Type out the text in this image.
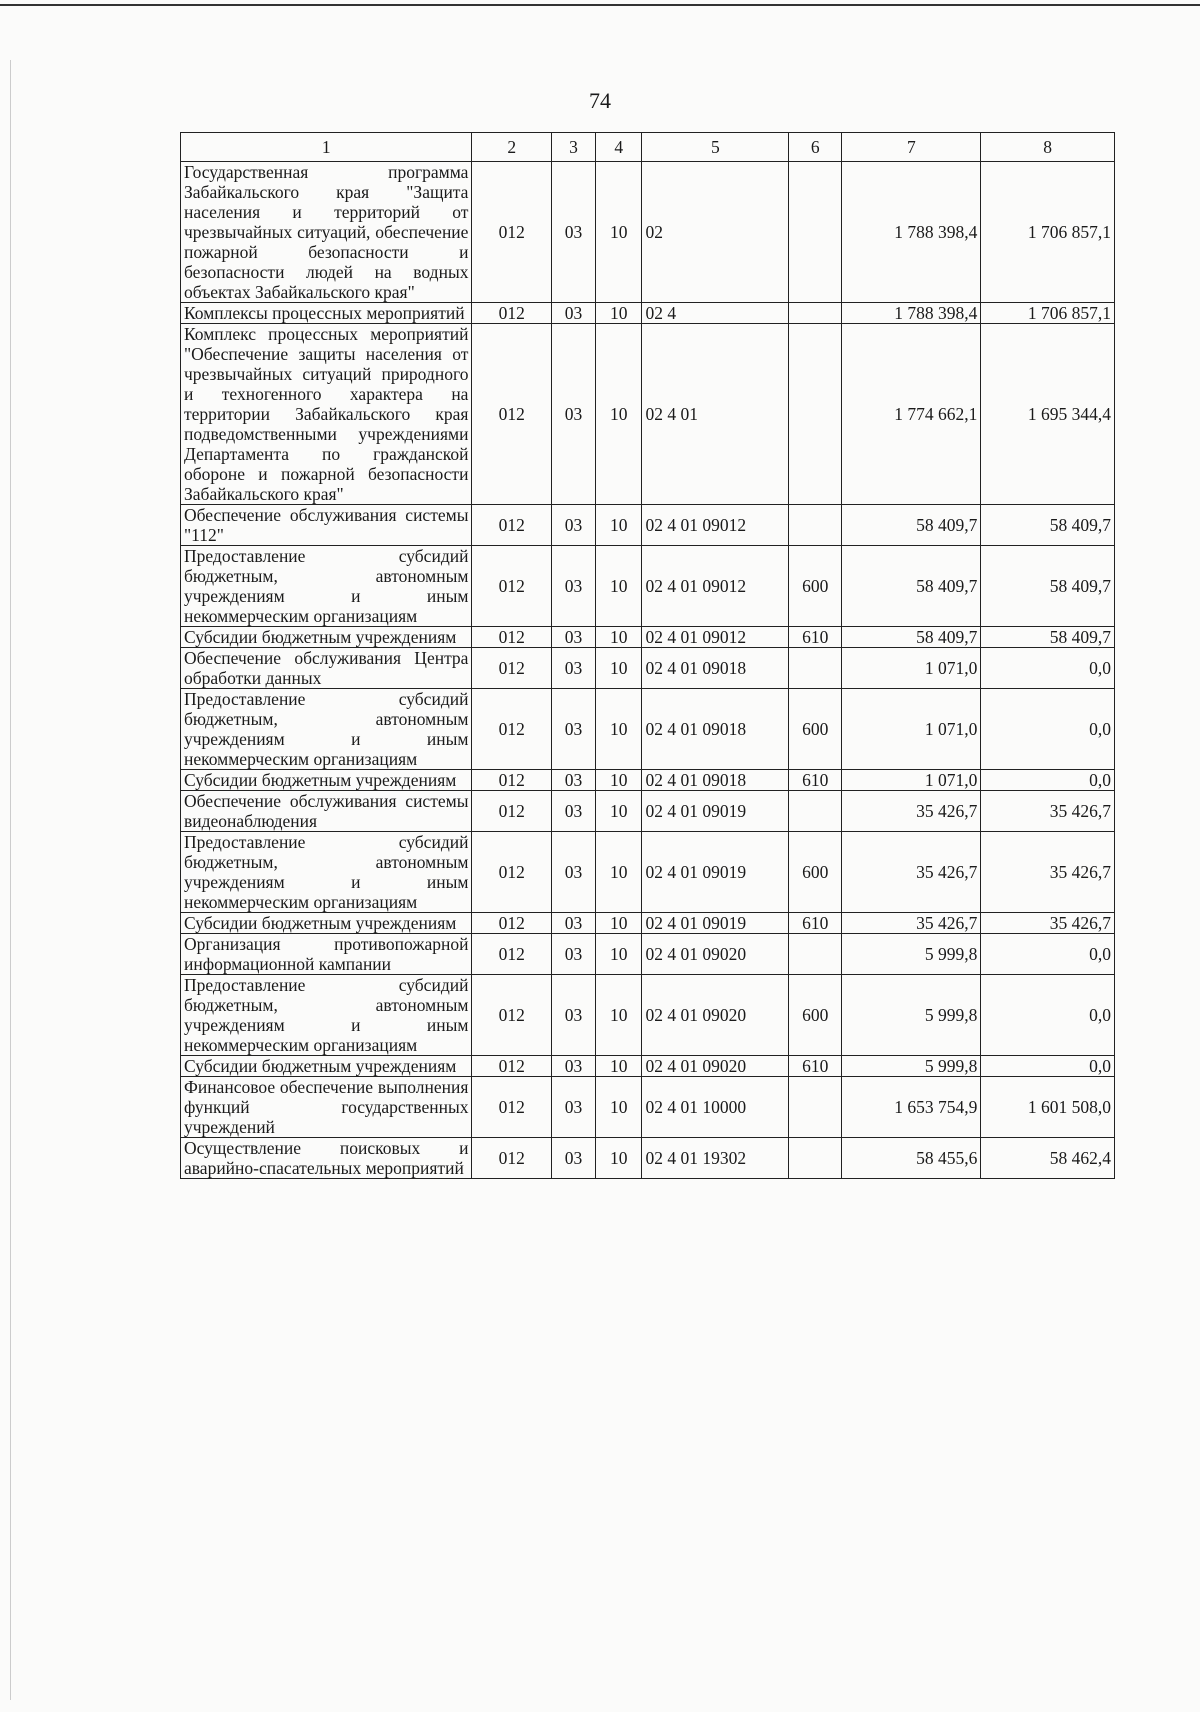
74
1	2	3	4	5	6	7	8
Государственная программа Забайкальского края "Защита населения и территорий от чрезвычайных ситуаций, обеспечение пожарной безопасности и безопасности людей на водных объектах Забайкальского края"	012	03	10	02		1 788 398,4	1 706 857,1
Комплексы процессных мероприятий	012	03	10	02 4		1 788 398,4	1 706 857,1
Комплекс процессных мероприятий "Обеспечение защиты населения от чрезвычайных ситуаций природного и техногенного характера на территории Забайкальского края подведомственными учреждениями Департамента по гражданской обороне и пожарной безопасности Забайкальского края"	012	03	10	02 4 01		1 774 662,1	1 695 344,4
Обеспечение обслуживания системы "112"	012	03	10	02 4 01 09012		58 409,7	58 409,7
Предоставление субсидий бюджетным, автономным учреждениям и иным некоммерческим организациям	012	03	10	02 4 01 09012	600	58 409,7	58 409,7
Субсидии бюджетным учреждениям	012	03	10	02 4 01 09012	610	58 409,7	58 409,7
Обеспечение обслуживания Центра обработки данных	012	03	10	02 4 01 09018		1 071,0	0,0
Предоставление субсидий бюджетным, автономным учреждениям и иным некоммерческим организациям	012	03	10	02 4 01 09018	600	1 071,0	0,0
Субсидии бюджетным учреждениям	012	03	10	02 4 01 09018	610	1 071,0	0,0
Обеспечение обслуживания системы видеонаблюдения	012	03	10	02 4 01 09019		35 426,7	35 426,7
Предоставление субсидий бюджетным, автономным учреждениям и иным некоммерческим организациям	012	03	10	02 4 01 09019	600	35 426,7	35 426,7
Субсидии бюджетным учреждениям	012	03	10	02 4 01 09019	610	35 426,7	35 426,7
Организация противопожарной информационной кампании	012	03	10	02 4 01 09020		5 999,8	0,0
Предоставление субсидий бюджетным, автономным учреждениям и иным некоммерческим организациям	012	03	10	02 4 01 09020	600	5 999,8	0,0
Субсидии бюджетным учреждениям	012	03	10	02 4 01 09020	610	5 999,8	0,0
Финансовое обеспечение выполнения функций государственных учреждений	012	03	10	02 4 01 10000		1 653 754,9	1 601 508,0
Осуществление поисковых и аварийно-спасательных мероприятий	012	03	10	02 4 01 19302		58 455,6	58 462,4
